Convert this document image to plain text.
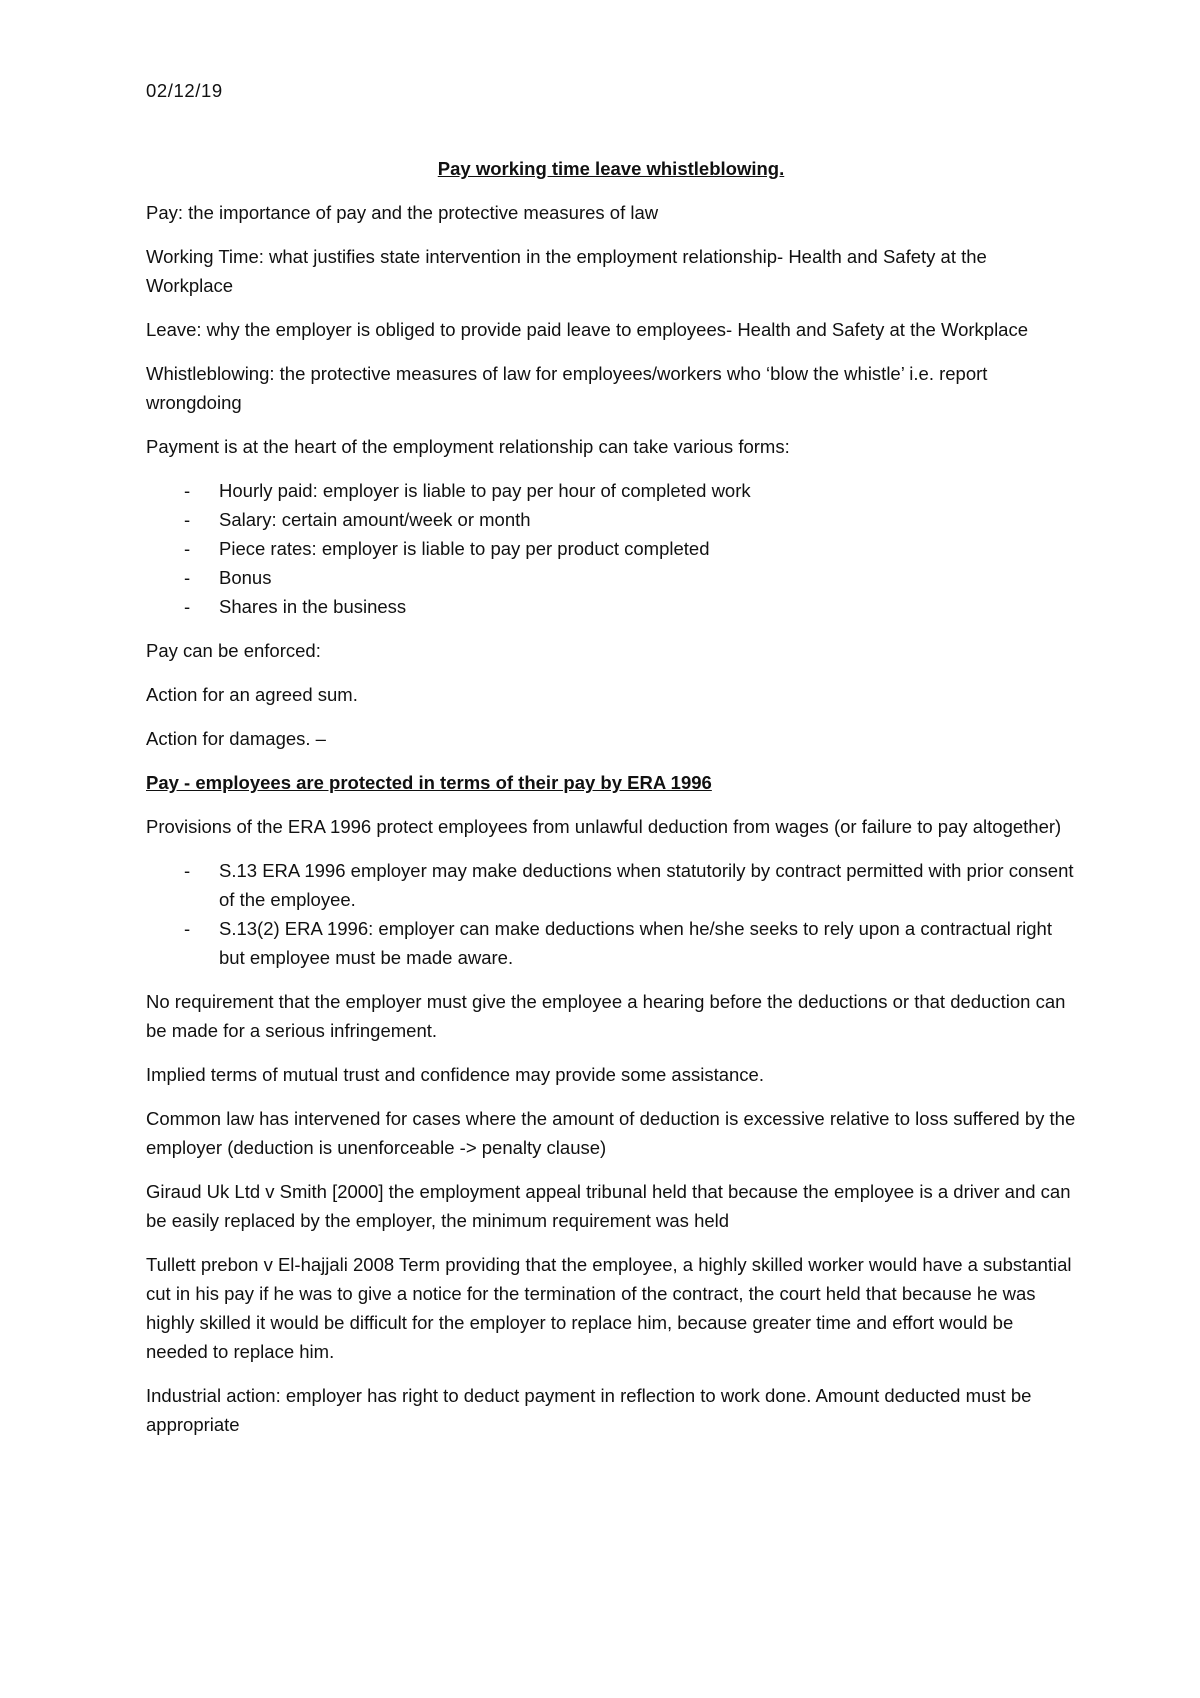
02/12/19
Pay working time leave whistleblowing.

Pay: the importance of pay and the protective measures of law

Working Time: what justifies state intervention in the employment relationship- Health and Safety at the Workplace

Leave: why the employer is obliged to provide paid leave to employees- Health and Safety at the Workplace

Whistleblowing: the protective measures of law for employees/workers who ‘blow the whistle’ i.e. report wrongdoing

Payment is at the heart of the employment relationship can take various forms:

- Hourly paid: employer is liable to pay per hour of completed work
- Salary: certain amount/week or month
- Piece rates: employer is liable to pay per product completed
- Bonus
- Shares in the business

Pay can be enforced:

Action for an agreed sum.

Action for damages. –

Pay - employees are protected in terms of their pay by ERA 1996

Provisions of the ERA 1996 protect employees from unlawful deduction from wages (or failure to pay altogether)

- S.13 ERA 1996 employer may make deductions when statutorily by contract permitted with prior consent of the employee.
- S.13(2) ERA 1996: employer can make deductions when he/she seeks to rely upon a contractual right but employee must be made aware.

No requirement that the employer must give the employee a hearing before the deductions or that deduction can be made for a serious infringement.

Implied terms of mutual trust and confidence may provide some assistance.

Common law has intervened for cases where the amount of deduction is excessive relative to loss suffered by the employer (deduction is unenforceable -> penalty clause)

Giraud Uk Ltd v Smith [2000] the employment appeal tribunal held that because the employee is a driver and can be easily replaced by the employer, the minimum requirement was held

Tullett prebon v El-hajjali 2008 Term providing that the employee, a highly skilled worker would have a substantial cut in his pay if he was to give a notice for the termination of the contract, the court held that because he was highly skilled it would be difficult for the employer to replace him, because greater time and effort would be needed to replace him.

Industrial action: employer has right to deduct payment in reflection to work done. Amount deducted must be appropriate
